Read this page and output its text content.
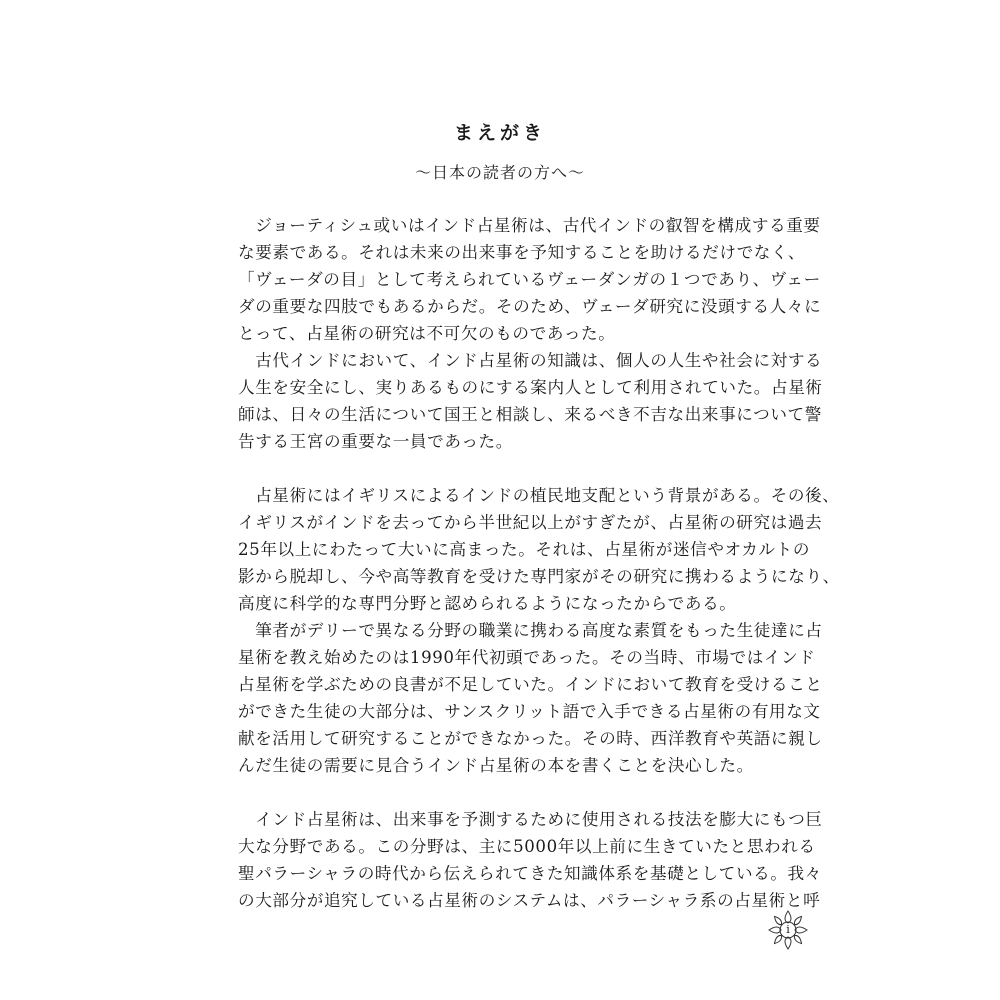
まえがき
〜日本の読者の方へ〜
　ジョーティシュ或いはインド占星術は、古代インドの叡智を構成する重要
な要素である。それは未来の出来事を予知することを助けるだけでなく、
「ヴェーダの目」として考えられているヴェーダンガの１つであり、ヴェー
ダの重要な四肢でもあるからだ。そのため、ヴェーダ研究に没頭する人々に
とって、占星術の研究は不可欠のものであった。
　古代インドにおいて、インド占星術の知識は、個人の人生や社会に対する
人生を安全にし、実りあるものにする案内人として利用されていた。占星術
師は、日々の生活について国王と相談し、来るべき不吉な出来事について警
告する王宮の重要な一員であった。
　占星術にはイギリスによるインドの植民地支配という背景がある。その後、
イギリスがインドを去ってから半世紀以上がすぎたが、占星術の研究は過去
25年以上にわたって大いに高まった。それは、占星術が迷信やオカルトの
影から脱却し、今や高等教育を受けた専門家がその研究に携わるようになり、
高度に科学的な専門分野と認められるようになったからである。
　筆者がデリーで異なる分野の職業に携わる高度な素質をもった生徒達に占
星術を教え始めたのは1990年代初頭であった。その当時、市場ではインド
占星術を学ぶための良書が不足していた。インドにおいて教育を受けること
ができた生徒の大部分は、サンスクリット語で入手できる占星術の有用な文
献を活用して研究することができなかった。その時、西洋教育や英語に親し
んだ生徒の需要に見合うインド占星術の本を書くことを決心した。
　インド占星術は、出来事を予測するために使用される技法を膨大にもつ巨
大な分野である。この分野は、主に5000年以上前に生きていたと思われる
聖パラーシャラの時代から伝えられてきた知識体系を基礎としている。我々
の大部分が追究している占星術のシステムは、パラーシャラ系の占星術と呼
i
